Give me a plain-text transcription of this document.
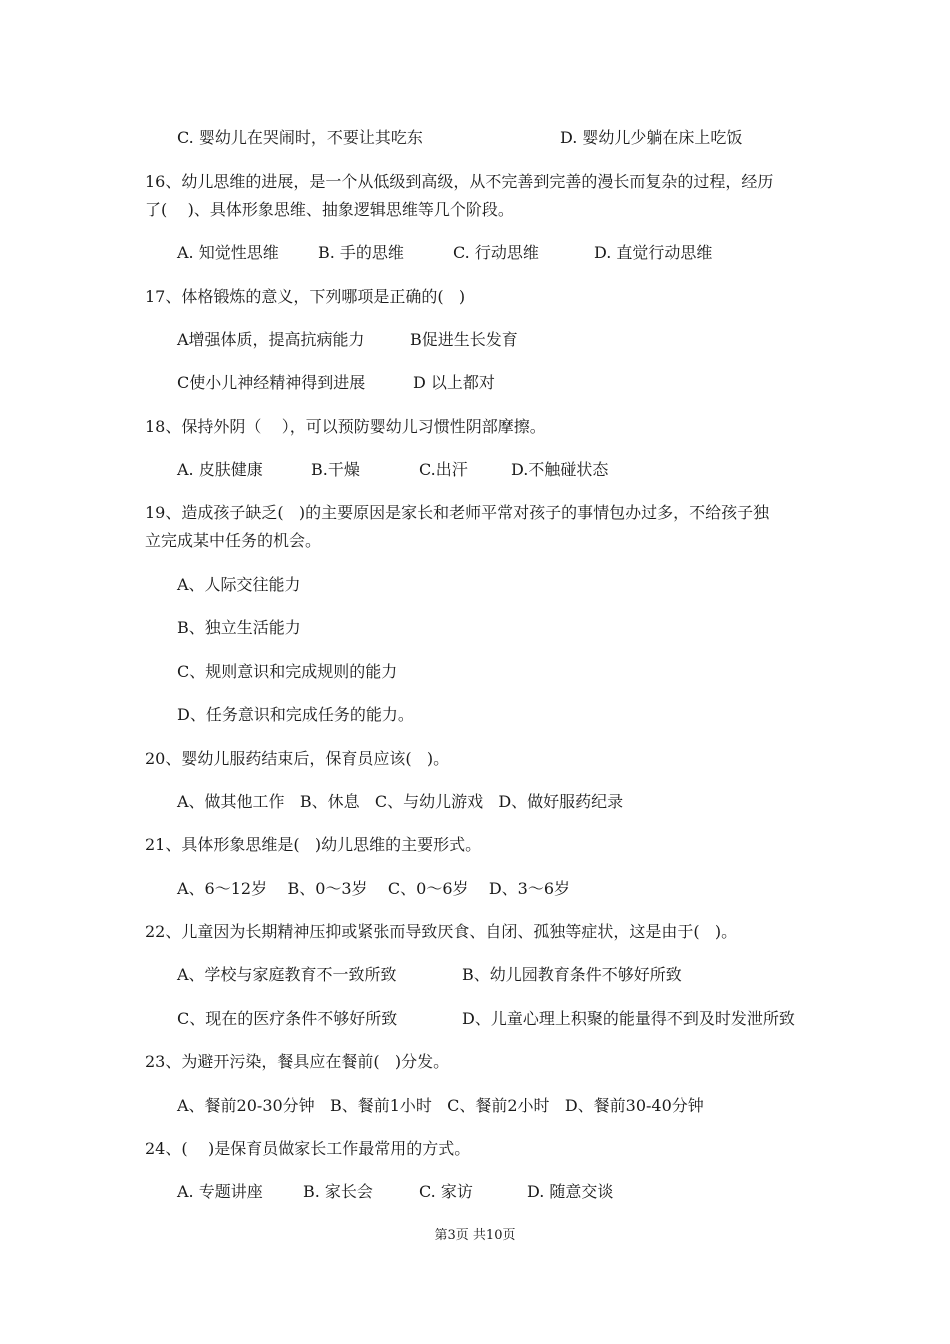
C. 婴幼儿在哭闹时，不要让其吃东	D. 婴幼儿少躺在床上吃饭
16、幼儿思维的进展，是一个从低级到高级，从不完善到完善的漫长而复杂的过程，经历
了(    )、具体形象思维、抽象逻辑思维等几个阶段。
A. 知觉性思维 B. 手的思维	C. 行动思维	D. 直觉行动思维
17、体格锻炼的意义，下列哪项是正确的(   )
A增强体质，提高抗病能力	B促进生长发育
C使小儿神经精神得到进展	D 以上都对
18、保持外阴（    ），可以预防婴幼儿习惯性阴部摩擦。
A. 皮肤健康	B.干燥	C.出汗	D.不触碰状态
19、造成孩子缺乏(   )的主要原因是家长和老师平常对孩子的事情包办过多，不给孩子独
立完成某中任务的机会。
A、人际交往能力
B、独立生活能力
C、规则意识和完成规则的能力
D、任务意识和完成任务的能力。
20、婴幼儿服药结束后，保育员应该(   )。
A、做其他工作   B、休息   C、与幼儿游戏   D、做好服药纪录
21、具体形象思维是(   )幼儿思维的主要形式。
A、6～12岁    B、0～3岁    C、0～6岁    D、3～6岁
22、儿童因为长期精神压抑或紧张而导致厌食、自闭、孤独等症状，这是由于(   )。
A、学校与家庭教育不一致所致	B、幼儿园教育条件不够好所致
C、现在的医疗条件不够好所致	D、儿童心理上积聚的能量得不到及时发泄所致
23、为避开污染，餐具应在餐前(   )分发。
A、餐前20-30分钟   B、餐前1小时   C、餐前2小时   D、餐前30-40分钟
24、(    )是保育员做家长工作最常用的方式。
A. 专题讲座	B. 家长会	C. 家访	D. 随意交谈
第3页 共10页
